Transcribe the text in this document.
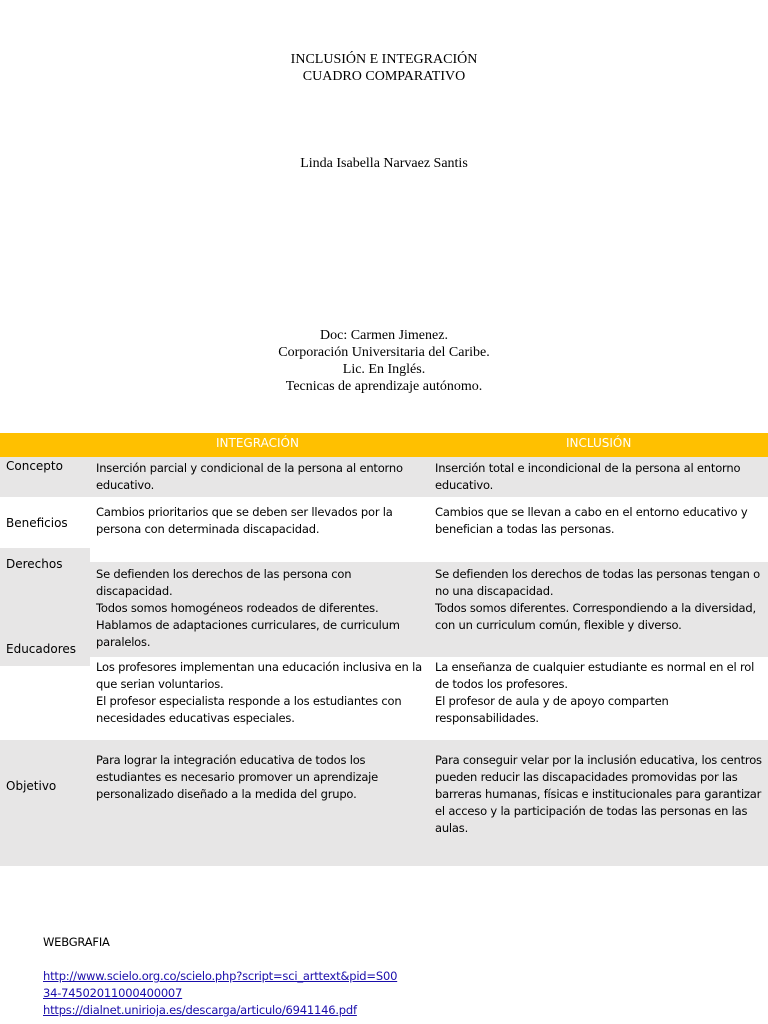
INCLUSIÓN E INTEGRACIÓN
CUADRO COMPARATIVO
Linda Isabella Narvaez Santis
Doc: Carmen Jimenez.
Corporación Universitaria del Caribe.
Lic. En Inglés.
Tecnicas de aprendizaje autónomo.
INTEGRACIÓN	INCLUSIÓN
Concepto
Beneficios
Derechos
Educadores
Objetivo
Inserción parcial y condicional de la persona al entorno educativo.
Inserción total e incondicional de la persona al entorno educativo.
Cambios prioritarios que se deben ser llevados por la persona con determinada discapacidad.
Cambios que se llevan a cabo en el entorno educativo y benefician a todas las personas.
Se defienden los derechos de las persona con discapacidad.
Todos somos homogéneos rodeados de diferentes.
Hablamos de adaptaciones curriculares, de curriculum paralelos.
Se defienden los derechos de todas las personas tengan o no una discapacidad.
Todos somos diferentes. Correspondiendo a la diversidad, con un curriculum común, flexible y diverso.
Los profesores implementan una educación inclusiva en la que serian voluntarios.
El profesor especialista responde a los estudiantes con necesidades educativas especiales.
La enseñanza de cualquier estudiante es normal en el rol de todos los profesores.
El profesor de aula y de apoyo comparten responsabilidades.
Para lograr la integración educativa de todos los estudiantes es necesario promover un aprendizaje personalizado diseñado a la medida del grupo.
Para conseguir velar por la inclusión educativa, los centros pueden reducir las discapacidades promovidas por las barreras humanas, físicas e institucionales para garantizar el acceso y la participación de todas las personas en las aulas.
WEBGRAFIA
http://www.scielo.org.co/scielo.php?script=sci_arttext&pid=S0034-74502011000400007
https://dialnet.unirioja.es/descarga/articulo/6941146.pdf
